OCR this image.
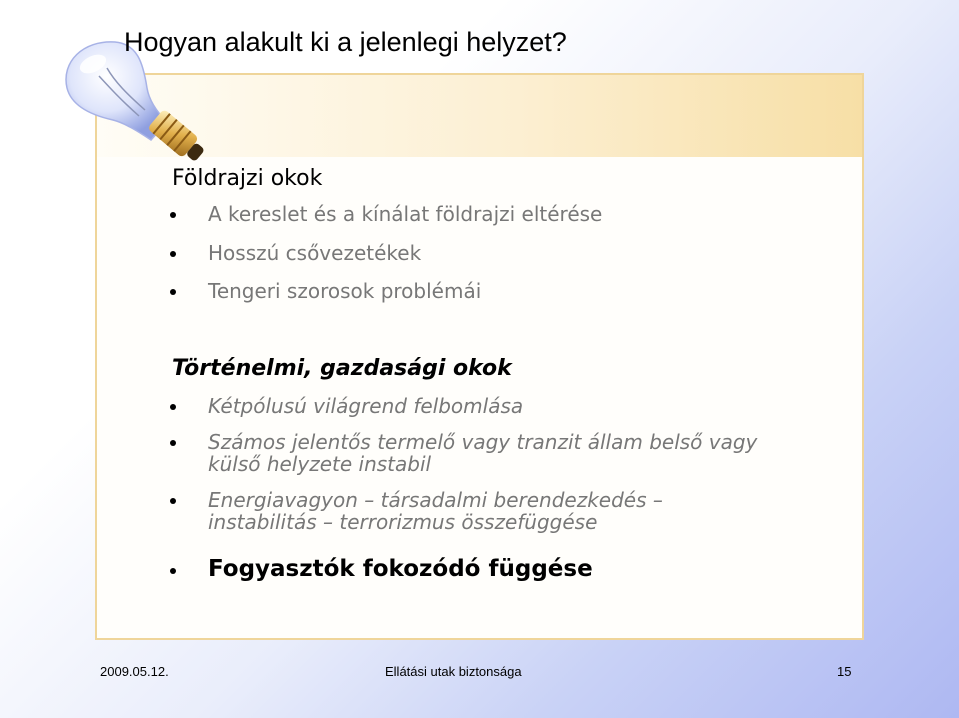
Hogyan alakult ki a jelenlegi helyzet?
Földrajzi okok
A kereslet és a kínálat földrajzi eltérése
Hosszú csővezetékek
Tengeri szorosok problémái
Történelmi, gazdasági okok
Kétpólusú világrend felbomlása
Számos jelentős termelő vagy tranzit állam belső vagy
külső helyzete instabil
Energiavagyon – társadalmi berendezkedés –
instabilitás – terrorizmus összefüggése
Fogyasztók fokozódó függése
2009.05.12.	Ellátási utak biztonsága	15
